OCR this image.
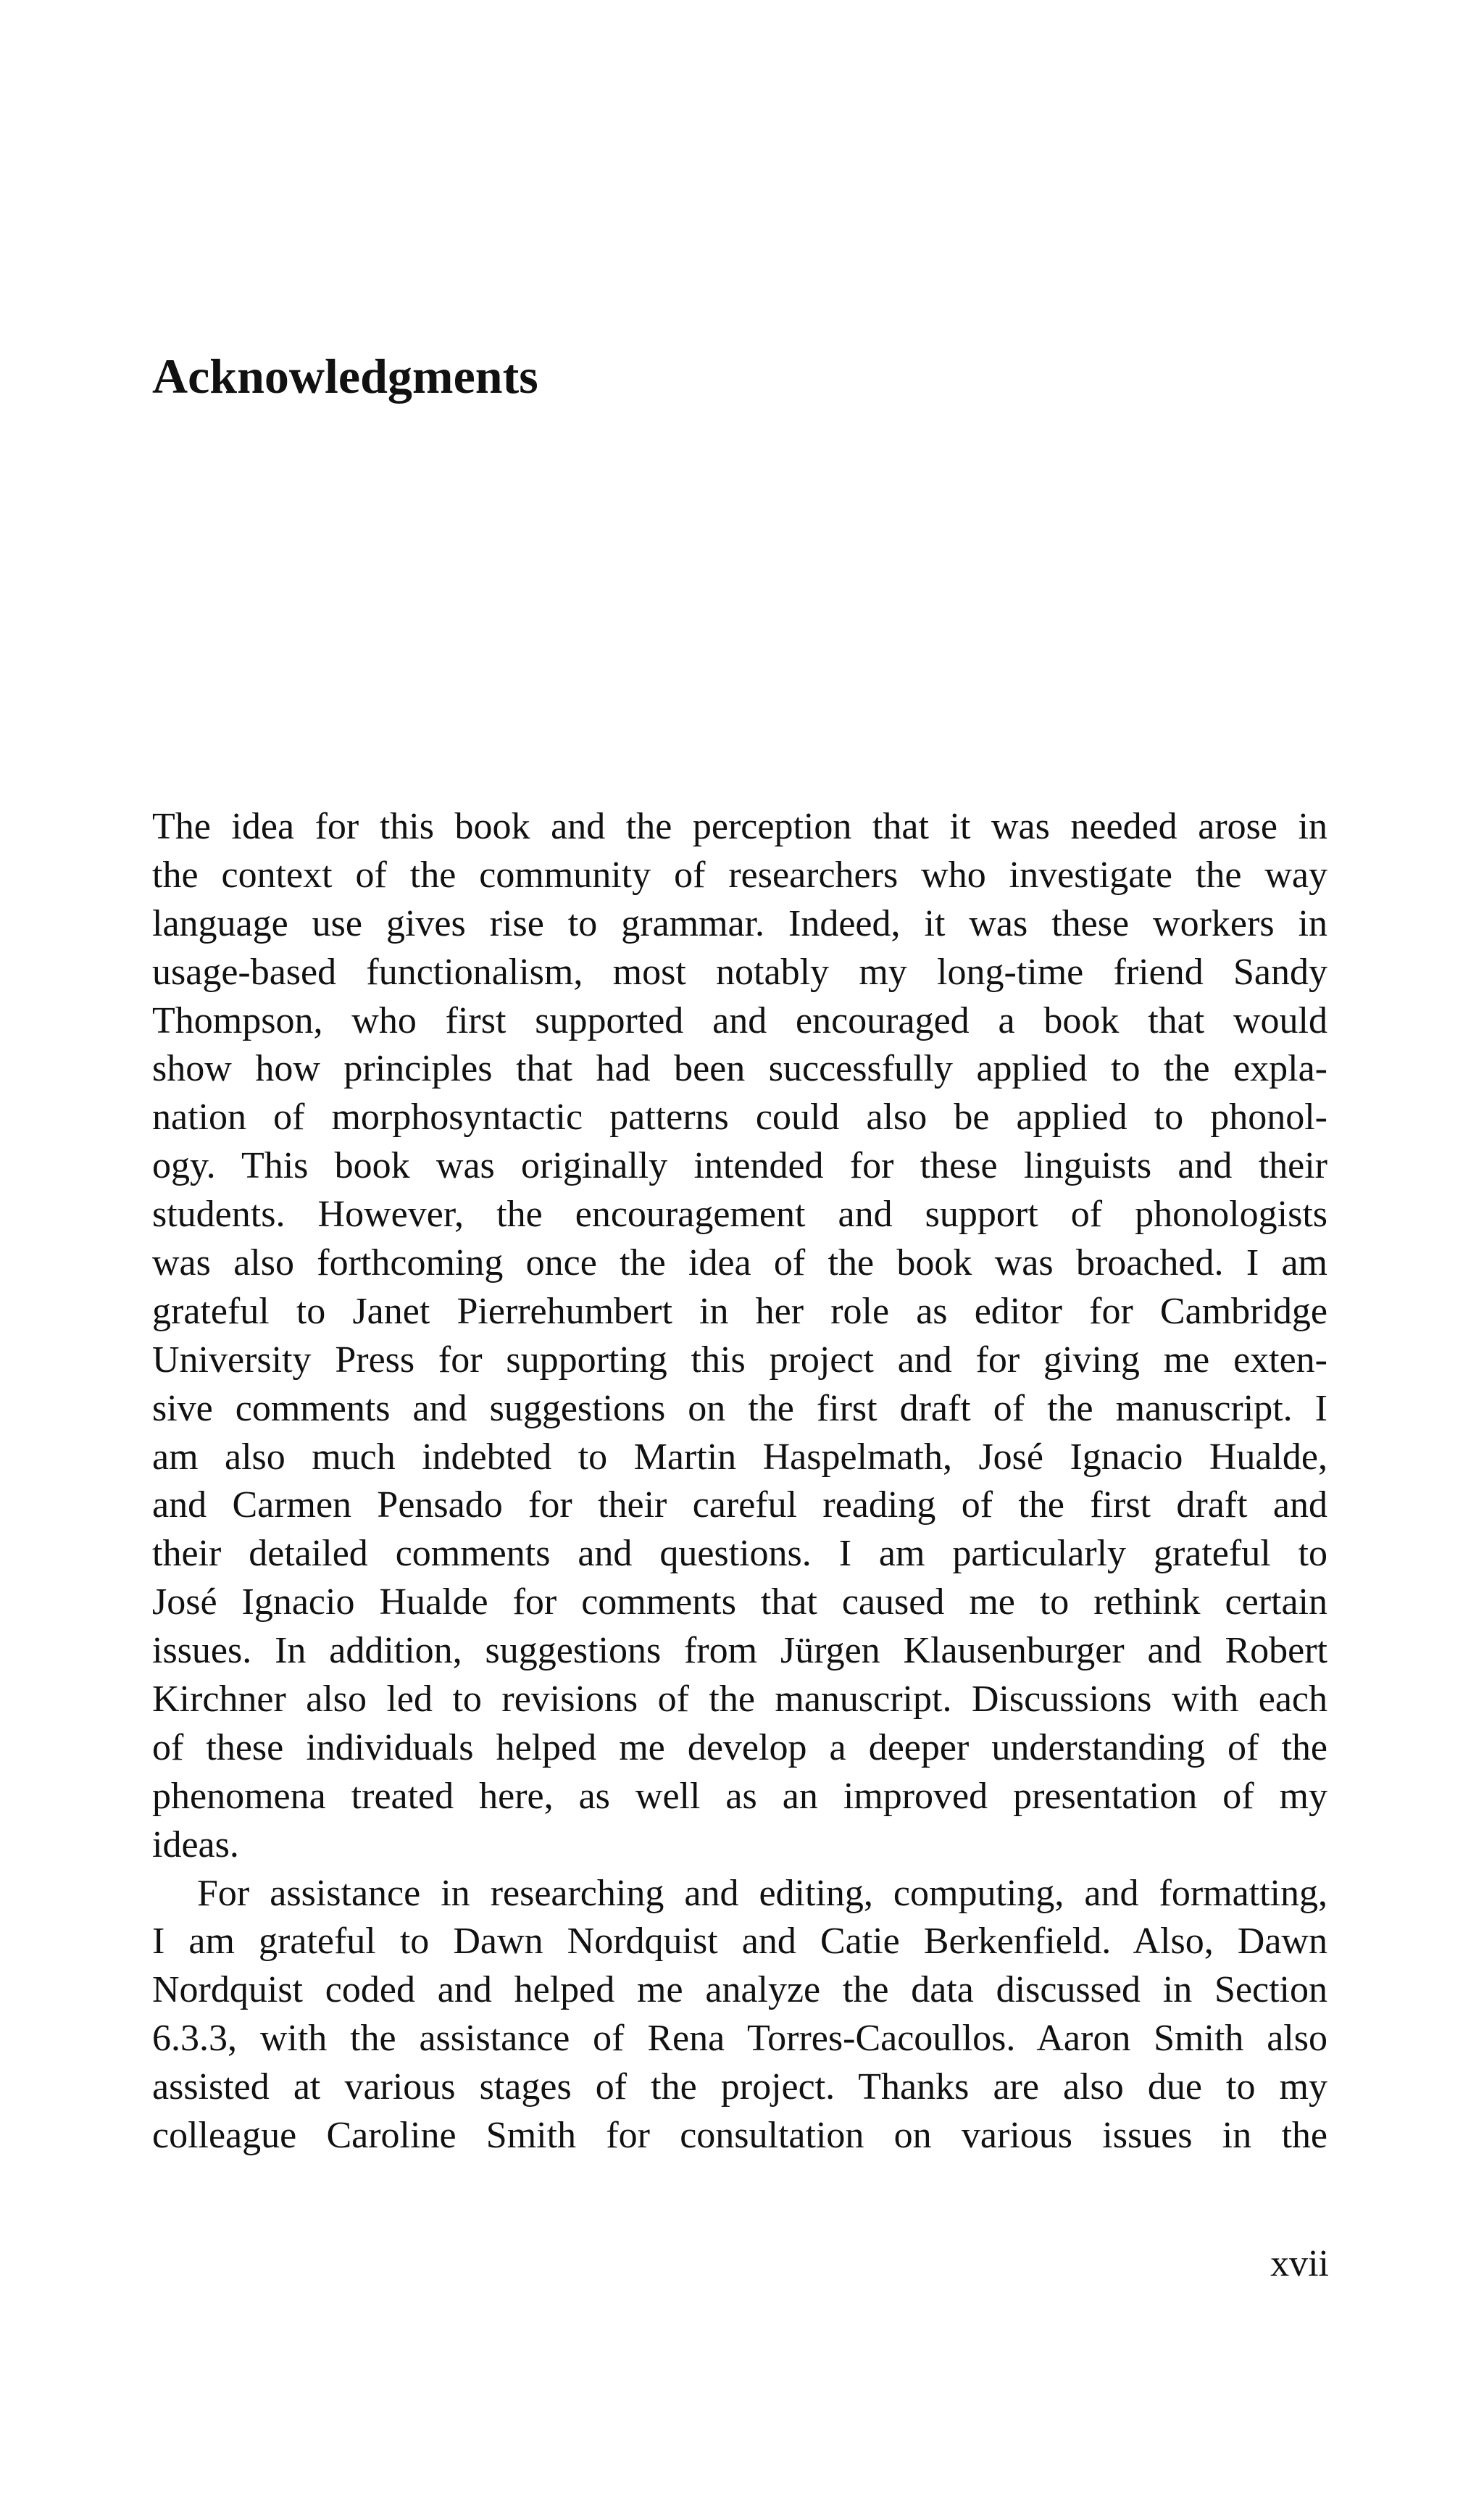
Acknowledgments
The idea for this book and the perception that it was needed arose in
the context of the community of researchers who investigate the way
language use gives rise to grammar. Indeed, it was these workers in
usage-based functionalism, most notably my long-time friend Sandy
Thompson, who first supported and encouraged a book that would
show how principles that had been successfully applied to the expla-
nation of morphosyntactic patterns could also be applied to phonol-
ogy. This book was originally intended for these linguists and their
students. However, the encouragement and support of phonologists
was also forthcoming once the idea of the book was broached. I am
grateful to Janet Pierrehumbert in her role as editor for Cambridge
University Press for supporting this project and for giving me exten-
sive comments and suggestions on the first draft of the manuscript. I
am also much indebted to Martin Haspelmath, José Ignacio Hualde,
and Carmen Pensado for their careful reading of the first draft and
their detailed comments and questions. I am particularly grateful to
José Ignacio Hualde for comments that caused me to rethink certain
issues. In addition, suggestions from Jürgen Klausenburger and Robert
Kirchner also led to revisions of the manuscript. Discussions with each
of these individuals helped me develop a deeper understanding of the
phenomena treated here, as well as an improved presentation of my
ideas.
For assistance in researching and editing, computing, and formatting,
I am grateful to Dawn Nordquist and Catie Berkenfield. Also, Dawn
Nordquist coded and helped me analyze the data discussed in Section
6.3.3, with the assistance of Rena Torres-Cacoullos. Aaron Smith also
assisted at various stages of the project. Thanks are also due to my
colleague Caroline Smith for consultation on various issues in the
xvii
